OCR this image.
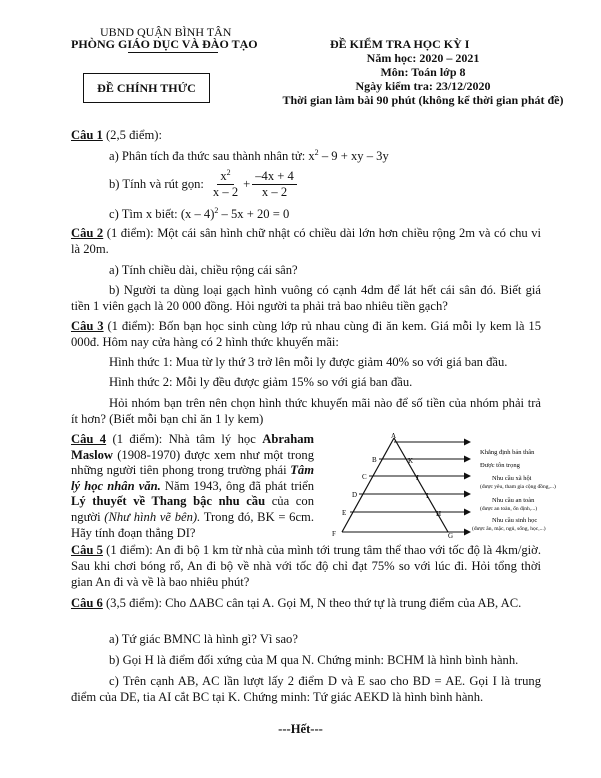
UBND QUẬN BÌNH TÂN
PHÒNG GIÁO DỤC VÀ ĐÀO TẠO
ĐỀ CHÍNH THỨC
ĐỀ KIỂM TRA HỌC KỲ I
Năm học: 2020 – 2021
Môn: Toán lớp 8
Ngày kiểm tra: 23/12/2020
Thời gian làm bài 90 phút (không kể thời gian phát đề)
Câu 1 (2,5 điểm):
a) Phân tích đa thức sau thành nhân tử: $x^2 - 9$ + xy – 3y
b) Tính và rút gọn: $\frac{x^2}{x - 2} + \frac{-4x + 4}{x - 2}$
c) Tìm x biết: (x – 4)$^2$ – 5x + 20 = 0
Câu 2 (1 điểm): Một cái sân hình chữ nhật có chiều dài lớn hơn chiều rộng 2m và có chu vi là 20m.
a) Tính chiều dài, chiều rộng cái sân?
b) Người ta dùng loại gạch hình vuông có cạnh 4dm để lát hết cái sân đó. Biết giá tiền 1 viên gạch là 20 000 đồng. Hỏi người ta phải trả bao nhiêu tiền gạch?
Câu 3 (1 điểm): Bốn bạn học sinh cùng lớp rủ nhau cùng đi ăn kem. Giá mỗi ly kem là 15 000đ. Hôm nay cửa hàng có 2 hình thức khuyến mãi:
Hình thức 1: Mua từ ly thứ 3 trở lên mỗi ly được giảm 40% so với giá ban đầu.
Hình thức 2: Mỗi ly đều được giảm 15% so với giá ban đầu.
Hỏi nhóm bạn trên nên chọn hình thức khuyến mãi nào để số tiền của nhóm phải trả ít hơn? (Biết mỗi bạn chỉ ăn 1 ly kem)
Câu 4 (1 điểm): Nhà tâm lý học Abraham Maslow (1908-1970) được xem như một trong những người tiên phong trong trường phái Tâm lý học nhân văn. Năm 1943, ông đã phát triển Lý thuyết về Thang bậc nhu cầu của con người (Như hình vẽ bên). Trong đó, BK = 6cm. Hãy tính đoạn thẳng DI?
A
B	K
C	J
D	I
E	H
F	G
Khẳng định bản thân
Được tôn trọng
Nhu cầu xã hội
(được yêu, tham gia cộng đồng,...)
Nhu cầu an toàn
(được an toàn, ổn định,...)
Nhu cầu sinh học
(được ăn, mặc, ngủ, sống, học,...)
Câu 5 (1 điểm): An đi bộ 1 km từ nhà của mình tới trung tâm thể thao với tốc độ là 4km/giờ. Sau khi chơi bóng rổ, An đi bộ về nhà với tốc độ chỉ đạt 75% so với lúc đi. Hỏi tổng thời gian An đi và về là bao nhiêu phút?
Câu 6 (3,5 điểm): Cho ΔABC cân tại A. Gọi M, N theo thứ tự là trung điểm của AB, AC.
a) Tứ giác BMNC là hình gì? Vì sao?
b) Gọi H là điểm đối xứng của M qua N. Chứng minh: BCHM là hình bình hành.
c) Trên cạnh AB, AC lần lượt lấy 2 điểm D và E sao cho BD = AE. Gọi I là trung điểm của DE, tia AI cắt BC tại K. Chứng minh: Tứ giác AEKD là hình bình hành.
---Hết---
